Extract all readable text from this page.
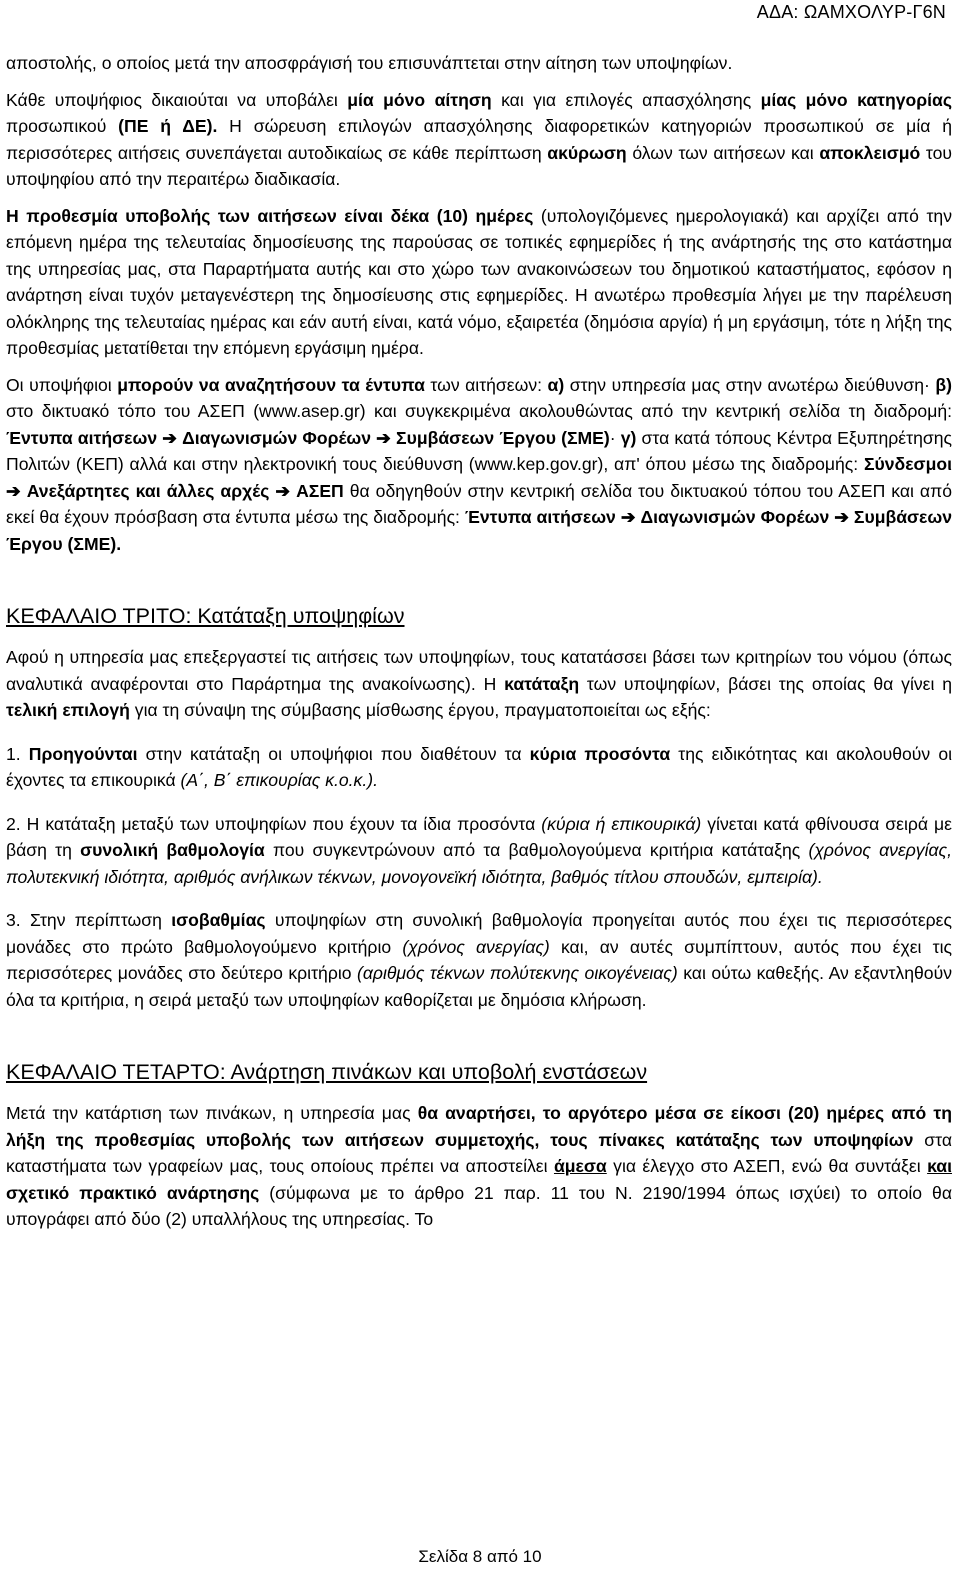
ΑΔΑ: ΩΑΜΧΟΛΥΡ-Γ6Ν

αποστολής, ο οποίος μετά την αποσφράγισή του επισυνάπτεται στην αίτηση των υποψηφίων.

Κάθε υποψήφιος δικαιούται να υποβάλει μία μόνο αίτηση και για επιλογές απασχόλησης μίας μόνο κατηγορίας προσωπικού (ΠΕ ή ΔΕ). Η σώρευση επιλογών απασχόλησης διαφορετικών κατηγοριών προσωπικού σε μία ή περισσότερες αιτήσεις συνεπάγεται αυτοδικαίως σε κάθε περίπτωση ακύρωση όλων των αιτήσεων και αποκλεισμό του υποψηφίου από την περαιτέρω διαδικασία.

Η προθεσμία υποβολής των αιτήσεων είναι δέκα (10) ημέρες (υπολογιζόμενες ημερολογιακά) και αρχίζει από την επόμενη ημέρα της τελευταίας δημοσίευσης της παρούσας σε τοπικές εφημερίδες ή της ανάρτησής της στο κατάστημα της υπηρεσίας μας, στα Παραρτήματα αυτής και στο χώρο των ανακοινώσεων του δημοτικού καταστήματος, εφόσον η ανάρτηση είναι τυχόν μεταγενέστερη της δημοσίευσης στις εφημερίδες. Η ανωτέρω προθεσμία λήγει με την παρέλευση ολόκληρης της τελευταίας ημέρας και εάν αυτή είναι, κατά νόμο, εξαιρετέα (δημόσια αργία) ή μη εργάσιμη, τότε η λήξη της προθεσμίας μετατίθεται την επόμενη εργάσιμη ημέρα.

Οι υποψήφιοι μπορούν να αναζητήσουν τα έντυπα των αιτήσεων: α) στην υπηρεσία μας στην ανωτέρω διεύθυνση· β) στο δικτυακό τόπο του ΑΣΕΠ (www.asep.gr) και συγκεκριμένα ακολουθώντας από την κεντρική σελίδα τη διαδρομή: Έντυπα αιτήσεων ➔ Διαγωνισμών Φορέων ➔ Συμβάσεων Έργου (ΣΜΕ)· γ) στα κατά τόπους Κέντρα Εξυπηρέτησης Πολιτών (ΚΕΠ) αλλά και στην ηλεκτρονική τους διεύθυνση (www.kep.gov.gr), απ' όπου μέσω της διαδρομής: Σύνδεσμοι ➔ Ανεξάρτητες και άλλες αρχές ➔ ΑΣΕΠ θα οδηγηθούν στην κεντρική σελίδα του δικτυακού τόπου του ΑΣΕΠ και από εκεί θα έχουν πρόσβαση στα έντυπα μέσω της διαδρομής: Έντυπα αιτήσεων ➔ Διαγωνισμών Φορέων ➔ Συμβάσεων Έργου (ΣΜΕ).

ΚΕΦΑΛΑΙΟ ΤΡΙΤΟ: Κατάταξη υποψηφίων

Αφού η υπηρεσία μας επεξεργαστεί τις αιτήσεις των υποψηφίων, τους κατατάσσει βάσει των κριτηρίων του νόμου (όπως αναλυτικά αναφέρονται στο Παράρτημα της ανακοίνωσης). Η κατάταξη των υποψηφίων, βάσει της οποίας θα γίνει η τελική επιλογή για τη σύναψη της σύμβασης μίσθωσης έργου, πραγματοποιείται ως εξής:

1. Προηγούνται στην κατάταξη οι υποψήφιοι που διαθέτουν τα κύρια προσόντα της ειδικότητας και ακολουθούν οι έχοντες τα επικουρικά (Α΄, Β΄ επικουρίας κ.ο.κ.).

2. Η κατάταξη μεταξύ των υποψηφίων που έχουν τα ίδια προσόντα (κύρια ή επικουρικά) γίνεται κατά φθίνουσα σειρά με βάση τη συνολική βαθμολογία που συγκεντρώνουν από τα βαθμολογούμενα κριτήρια κατάταξης (χρόνος ανεργίας, πολυτεκνική ιδιότητα, αριθμός ανήλικων τέκνων, μονογονεϊκή ιδιότητα, βαθμός τίτλου σπουδών, εμπειρία).

3. Στην περίπτωση ισοβαθμίας υποψηφίων στη συνολική βαθμολογία προηγείται αυτός που έχει τις περισσότερες μονάδες στο πρώτο βαθμολογούμενο κριτήριο (χρόνος ανεργίας) και, αν αυτές συμπίπτουν, αυτός που έχει τις περισσότερες μονάδες στο δεύτερο κριτήριο (αριθμός τέκνων πολύτεκνης οικογένειας) και ούτω καθεξής. Αν εξαντληθούν όλα τα κριτήρια, η σειρά μεταξύ των υποψηφίων καθορίζεται με δημόσια κλήρωση.

ΚΕΦΑΛΑΙΟ ΤΕΤΑΡΤΟ: Ανάρτηση πινάκων και υποβολή ενστάσεων

Μετά την κατάρτιση των πινάκων, η υπηρεσία μας θα αναρτήσει, το αργότερο μέσα σε είκοσι (20) ημέρες από τη λήξη της προθεσμίας υποβολής των αιτήσεων συμμετοχής, τους πίνακες κατάταξης των υποψηφίων στα καταστήματα των γραφείων μας, τους οποίους πρέπει να αποστείλει άμεσα για έλεγχο στο ΑΣΕΠ, ενώ θα συντάξει και σχετικό πρακτικό ανάρτησης (σύμφωνα με το άρθρο 21 παρ. 11 του Ν. 2190/1994 όπως ισχύει) το οποίο θα υπογράφει από δύο (2) υπαλλήλους της υπηρεσίας. Το

Σελίδα 8 από 10
